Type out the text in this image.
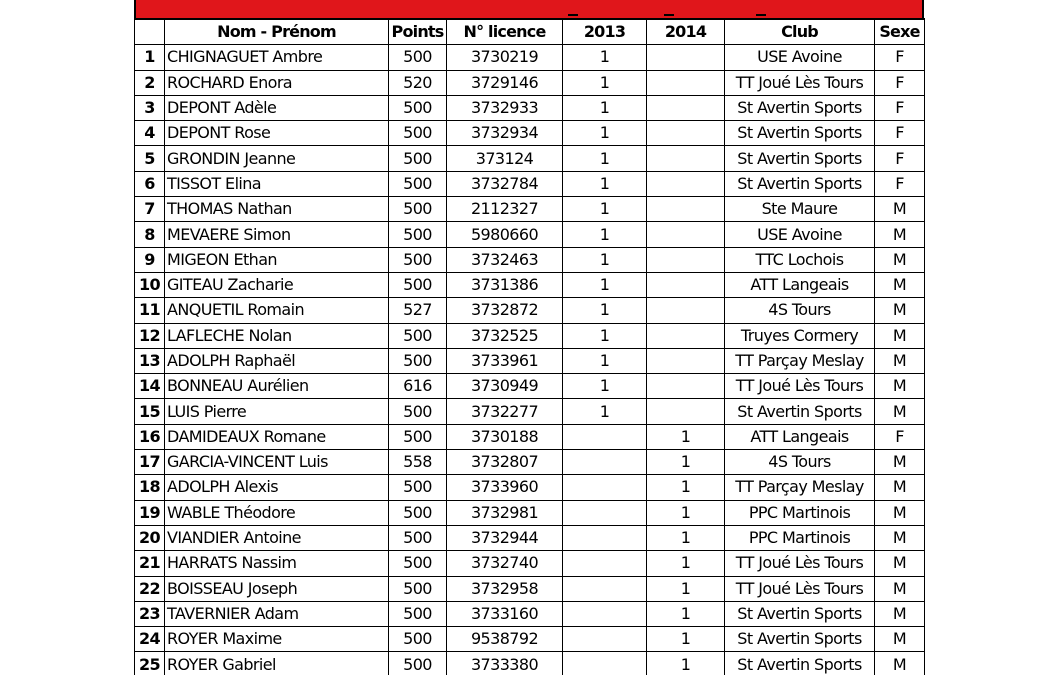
	Nom - Prénom	Points	N° licence	2013	2014	Club	Sexe
1	CHIGNAGUET Ambre	500	3730219	1		USE Avoine	F
2	ROCHARD Enora	520	3729146	1		TT Joué Lès Tours	F
3	DEPONT Adèle	500	3732933	1		St Avertin Sports	F
4	DEPONT Rose	500	3732934	1		St Avertin Sports	F
5	GRONDIN Jeanne	500	373124	1		St Avertin Sports	F
6	TISSOT Elina	500	3732784	1		St Avertin Sports	F
7	THOMAS Nathan	500	2112327	1		Ste Maure	M
8	MEVAERE Simon	500	5980660	1		USE Avoine	M
9	MIGEON Ethan	500	3732463	1		TTC Lochois	M
10	GITEAU Zacharie	500	3731386	1		ATT Langeais	M
11	ANQUETIL Romain	527	3732872	1		4S Tours	M
12	LAFLECHE Nolan	500	3732525	1		Truyes Cormery	M
13	ADOLPH Raphaël	500	3733961	1		TT Parçay Meslay	M
14	BONNEAU Aurélien	616	3730949	1		TT Joué Lès Tours	M
15	LUIS Pierre	500	3732277	1		St Avertin Sports	M
16	DAMIDEAUX Romane	500	3730188		1	ATT Langeais	F
17	GARCIA-VINCENT Luis	558	3732807		1	4S Tours	M
18	ADOLPH Alexis	500	3733960		1	TT Parçay Meslay	M
19	WABLE Théodore	500	3732981		1	PPC Martinois	M
20	VIANDIER Antoine	500	3732944		1	PPC Martinois	M
21	HARRATS Nassim	500	3732740		1	TT Joué Lès Tours	M
22	BOISSEAU Joseph	500	3732958		1	TT Joué Lès Tours	M
23	TAVERNIER Adam	500	3733160		1	St Avertin Sports	M
24	ROYER Maxime	500	9538792		1	St Avertin Sports	M
25	ROYER Gabriel	500	3733380		1	St Avertin Sports	M
